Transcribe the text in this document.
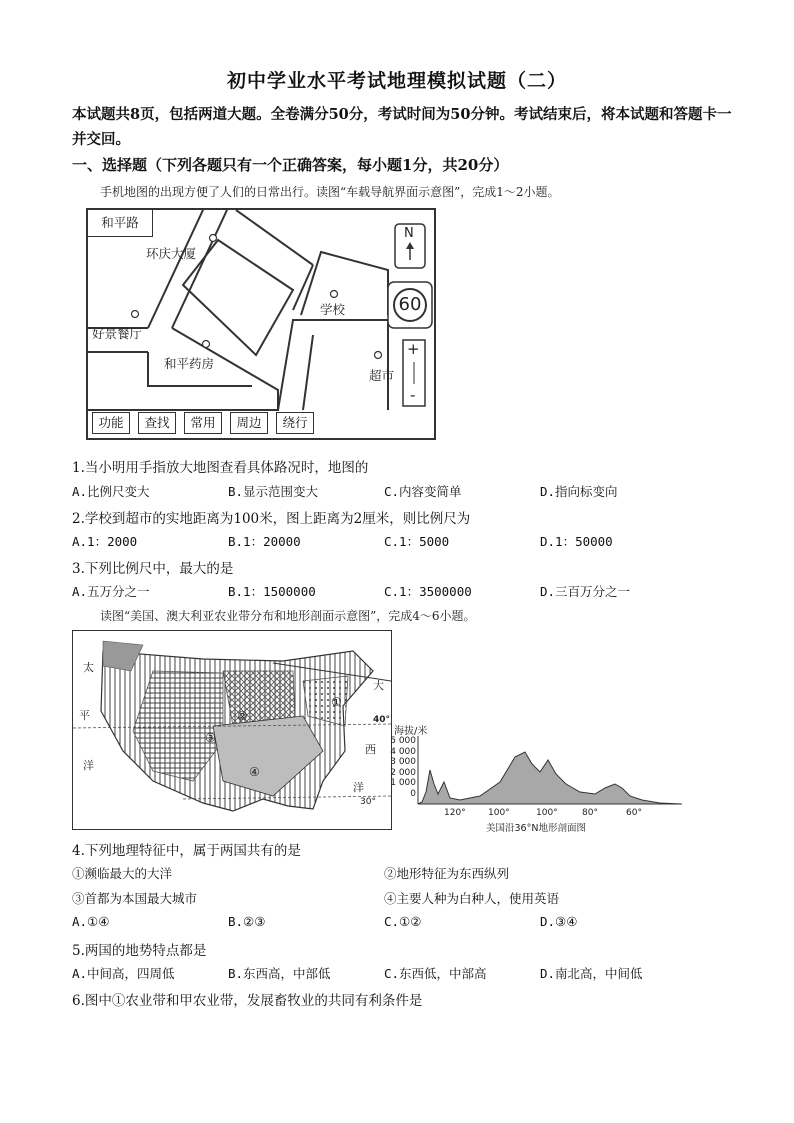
初中学业水平考试地理模拟试题（二）
本试题共8页，包括两道大题。全卷满分50分，考试时间为50分钟。考试结束后，将本试题和答题卡一并交回。
一、选择题（下列各题只有一个正确答案，每小题1分，共20分）
手机地图的出现方便了人们的日常出行。读图“车载导航界面示意图”，完成1～2小题。
和平路
环庆大厦
好景餐厅
和平药房
学校
超市
N
60
+
-
功能	查找	常用	周边	绕行
1.当小明用手指放大地图查看具体路况时，地图的
A.比例尺变大	B.显示范围变大	C.内容变简单	D.指向标变向
2.学校到超市的实地距离为100米，图上距离为2厘米，则比例尺为
A.1：2000	B.1：20000	C.1：5000	D.1：50000
3.下列比例尺中，最大的是
A.五万分之一	B.1：1500000	C.1：3500000	D.三百万分之一
读图“美国、澳大利亚农业带分布和地形剖面示意图”，完成4～6小题。
太
平
洋
大
西
洋
40°
30°
①
②
③
④
海拔/米
5 000
4 000
3 000
2 000
1 000
0
120° 100°	100°	80°	60°
美国沿36°N地形剖面图
4.下列地理特征中，属于两国共有的是
①濒临最大的大洋	②地形特征为东西纵列
③首都为本国最大城市	④主要人种为白种人，使用英语
A.①④	B.②③	C.①②	D.③④
5.两国的地势特点都是
A.中间高，四周低	B.东西高，中部低	C.东西低，中部高	D.南北高，中间低
6.图中①农业带和甲农业带，发展畜牧业的共同有利条件是
